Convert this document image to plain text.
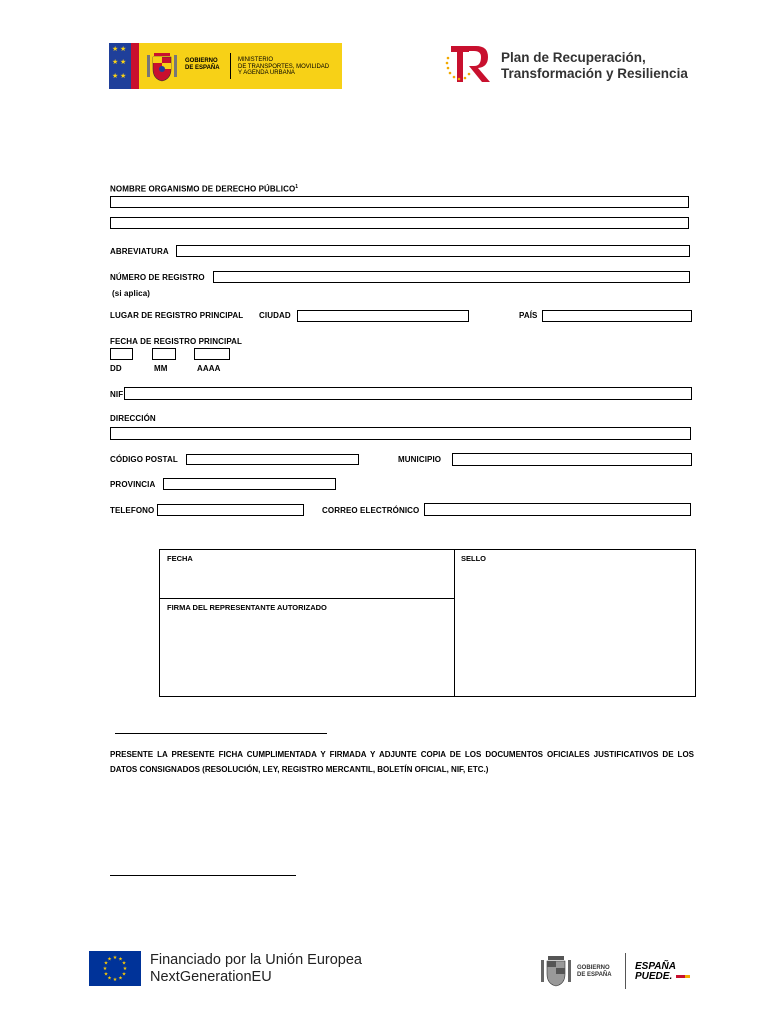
★ ★
★ ★
★ ★
GOBIERNO
DE ESPAÑA
MINISTERIO
DE TRANSPORTES, MOVILIDAD
Y AGENDA URBANA
Plan de Recuperación,
Transformación y Resiliencia
NOMBRE ORGANISMO DE DERECHO PÚBLICO$^1$
ABREVIATURA
NÚMERO DE REGISTRO
(si aplica)
LUGAR DE REGISTRO PRINCIPAL CIUDAD	PAÍS
FECHA DE REGISTRO PRINCIPAL
DD	MM	AAAA
NIF
DIRECCIÓN
CÓDIGO POSTAL	MUNICIPIO
PROVINCIA
TELEFONO	CORREO ELECTRÓNICO
FECHA	SELLO
FIRMA DEL REPRESENTANTE AUTORIZADO
PRESENTE LA PRESENTE FICHA CUMPLIMENTADA Y FIRMADA Y ADJUNTE COPIA DE LOS DOCUMENTOS OFICIALES JUSTIFICATIVOS DE LOS DATOS CONSIGNADOS (RESOLUCIÓN, LEY, REGISTRO MERCANTIL, BOLETÍN OFICIAL, NIF, ETC.)
★ ★
★
★
★
★
★
★
★
★
★
★	Financiado por la Unión Europea
NextGenerationEU
GOBIERNO
DE ESPAÑA
ESPAÑA
PUEDE.
